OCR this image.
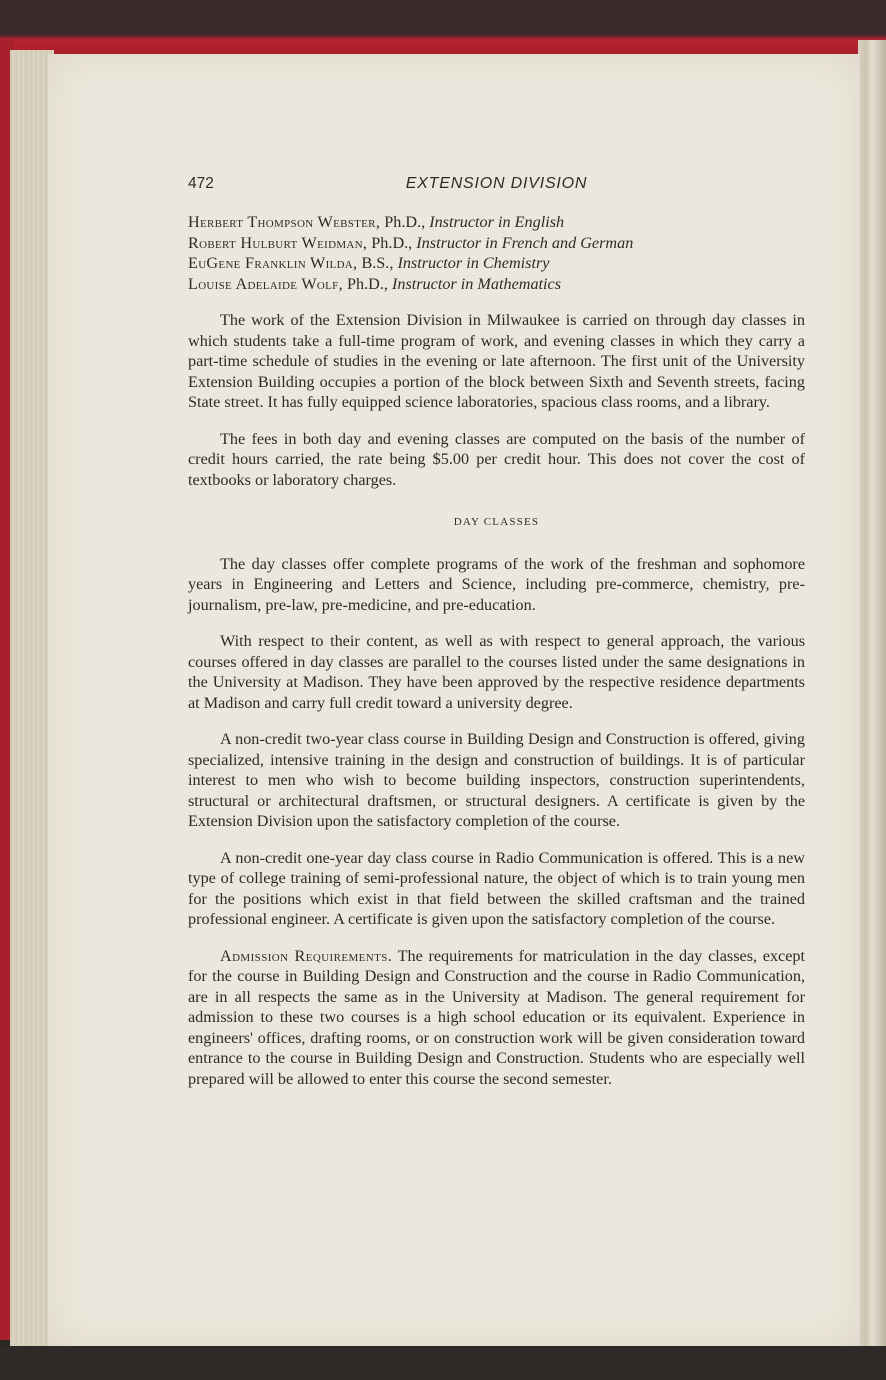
472	EXTENSION DIVISION
Herbert Thompson Webster, Ph.D., Instructor in English
Robert Hulburt Weidman, Ph.D., Instructor in French and German
EuGene Franklin Wilda, B.S., Instructor in Chemistry
Louise Adelaide Wolf, Ph.D., Instructor in Mathematics

The work of the Extension Division in Milwaukee is carried on through day classes in which students take a full-time program of work, and evening classes in which they carry a part-time schedule of studies in the evening or late afternoon. The first unit of the University Extension Building occupies a portion of the block between Sixth and Seventh streets, facing State street. It has fully equipped science laboratories, spacious class rooms, and a library.

The fees in both day and evening classes are computed on the basis of the number of credit hours carried, the rate being $5.00 per credit hour. This does not cover the cost of textbooks or laboratory charges.

DAY CLASSES

The day classes offer complete programs of the work of the freshman and sophomore years in Engineering and Letters and Science, including pre-commerce, chemistry, pre-journalism, pre-law, pre-medicine, and pre-education.

With respect to their content, as well as with respect to general approach, the various courses offered in day classes are parallel to the courses listed under the same designations in the University at Madison. They have been approved by the respective residence departments at Madison and carry full credit toward a university degree.

A non-credit two-year class course in Building Design and Construction is offered, giving specialized, intensive training in the design and construction of buildings. It is of particular interest to men who wish to become building inspectors, construction superintendents, structural or architectural draftsmen, or structural designers. A certificate is given by the Extension Division upon the satisfactory completion of the course.

A non-credit one-year day class course in Radio Communication is offered. This is a new type of college training of semi-professional nature, the object of which is to train young men for the positions which exist in that field between the skilled craftsman and the trained professional engineer. A certificate is given upon the satisfactory completion of the course.

Admission Requirements. The requirements for matriculation in the day classes, except for the course in Building Design and Construction and the course in Radio Communication, are in all respects the same as in the University at Madison. The general requirement for admission to these two courses is a high school education or its equivalent. Experience in engineers' offices, drafting rooms, or on construction work will be given consideration toward entrance to the course in Building Design and Construction. Students who are especially well prepared will be allowed to enter this course the second semester.
